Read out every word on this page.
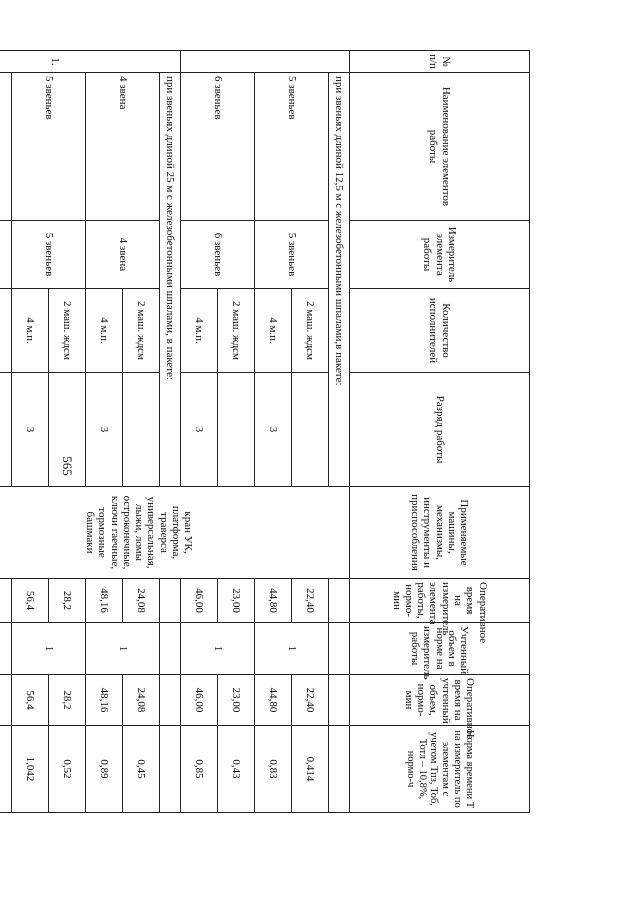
565
№ п/п	Наименование элементов работы	Измеритель элемента работы	Количество исполнителей	Разряд работы	Применяемые машины, механизмы, инструменты и приспособления	Оперативное время на измеритель элемента работы, нормо-мин	Учтенный объем в норме на измеритель работы	Оперативное время на учтенный объем, нормо-мин	Норма времени Т на измеритель по элементам с учетом Тпз, Тоб, Тотл – 10,8%, нормо-ч

	при звеньях длиной 12,5 м с железобетонными шпалами,в пакете:				кран УК, платформа, траверса универсальная, лыжи, ломы остроконечные, ключи гаечные, тормозные башмаки				
	5 звеньев	5 звеньев	2 маш. ждсм			22,40	1	22,40	0,414
			4 м.п.	3		44,80		44,80	0,83
	6 звеньев	6 звеньев	2 маш. ждсм			23,00	1	23,00	0,43
			4 м.п.	3		46,00		46,00	0,85
1.	при звеньях длиной 25 м с железобетонными шпалами, в пакете:								
	4 звена	4 звена	2 маш. ждсм			24,08	1	24,08	0,45
			4 м.п.	3		48,16		48,16	0,89
	5 звеньев	5 звеньев	2 маш. ждсм			28,2	1	28,2	0,52
			4 м.п.	3		56,4		56,4	1,042
